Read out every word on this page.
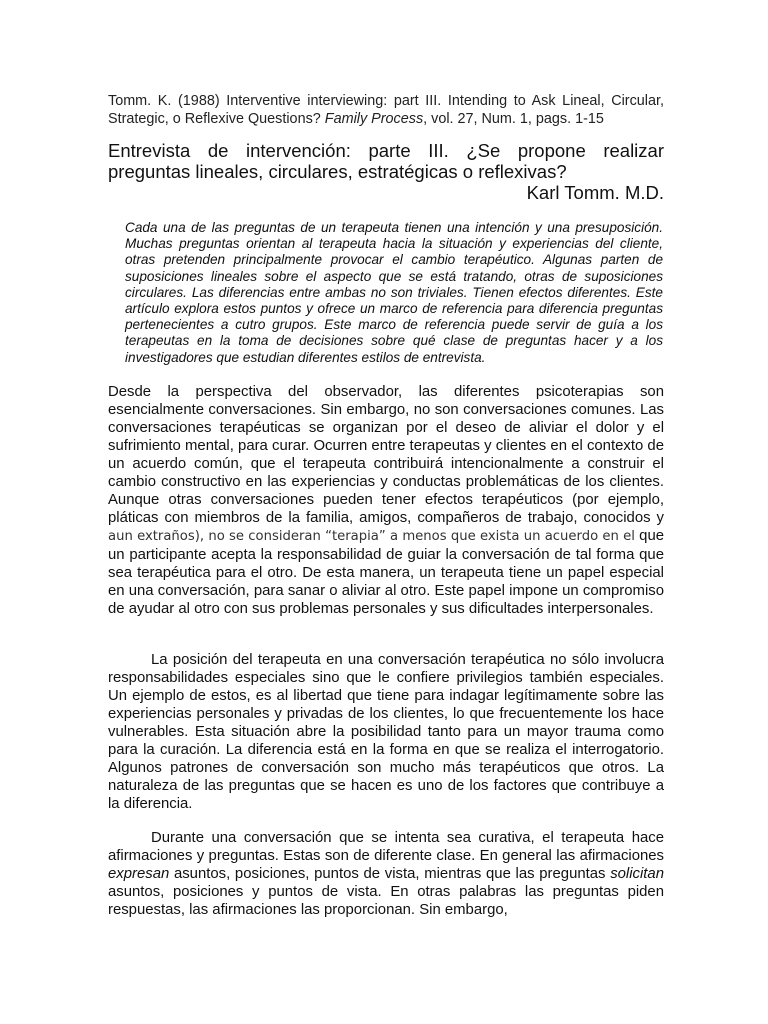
Tomm. K. (1988) Interventive interviewing: part III. Intending to Ask Lineal, Circular, Strategic, o Reflexive Questions? Family Process, vol. 27, Num. 1, pags. 1-15
Entrevista de intervención: parte III. ¿Se propone realizar preguntas lineales, circulares, estratégicas o reflexivas?
Karl Tomm. M.D.
Cada una de las preguntas de un terapeuta tienen una intención y una presuposición. Muchas preguntas orientan al terapeuta hacia la situación y experiencias del cliente, otras pretenden principalmente provocar el cambio terapéutico. Algunas parten de suposiciones lineales sobre el aspecto que se está tratando, otras de suposiciones circulares. Las diferencias entre ambas no son triviales. Tienen efectos diferentes. Este artículo explora estos puntos y ofrece un marco de referencia para diferencia preguntas pertenecientes a cutro grupos. Este marco de referencia puede servir de guía a los terapeutas en la toma de decisiones sobre qué clase de preguntas hacer y a los investigadores que estudian diferentes estilos de entrevista.
Desde la perspectiva del observador, las diferentes psicoterapias son esencialmente conversaciones. Sin embargo, no son conversaciones comunes. Las conversaciones terapéuticas se organizan por el deseo de aliviar el dolor y el sufrimiento mental, para curar. Ocurren entre terapeutas y clientes en el contexto de un acuerdo común, que el terapeuta contribuirá intencionalmente a construir el cambio constructivo en las experiencias y conductas problemáticas de los clientes. Aunque otras conversaciones pueden tener efectos terapéuticos (por ejemplo, pláticas con miembros de la familia, amigos, compañeros de trabajo, conocidos y aun extraños), no se consideran “terapia” a menos que exista un acuerdo en el que un participante acepta la responsabilidad de guiar la conversación de tal forma que sea terapéutica para el otro. De esta manera, un terapeuta tiene un papel especial en una conversación, para sanar o aliviar al otro. Este papel impone un compromiso de ayudar al otro con sus problemas personales y sus dificultades interpersonales.
La posición del terapeuta en una conversación terapéutica no sólo involucra responsabilidades especiales sino que le confiere privilegios también especiales. Un ejemplo de estos, es al libertad que tiene para indagar legítimamente sobre las experiencias personales y privadas de los clientes, lo que frecuentemente los hace vulnerables. Esta situación abre la posibilidad tanto para un mayor trauma como para la curación. La diferencia está en la forma en que se realiza el interrogatorio. Algunos patrones de conversación son mucho más terapéuticos que otros. La naturaleza de las preguntas que se hacen es uno de los factores que contribuye a la diferencia.
Durante una conversación que se intenta sea curativa, el terapeuta hace afirmaciones y preguntas. Estas son de diferente clase. En general las afirmaciones expresan asuntos, posiciones, puntos de vista, mientras que las preguntas solicitan asuntos, posiciones y puntos de vista. En otras palabras las preguntas piden respuestas, las afirmaciones las proporcionan. Sin embargo,
